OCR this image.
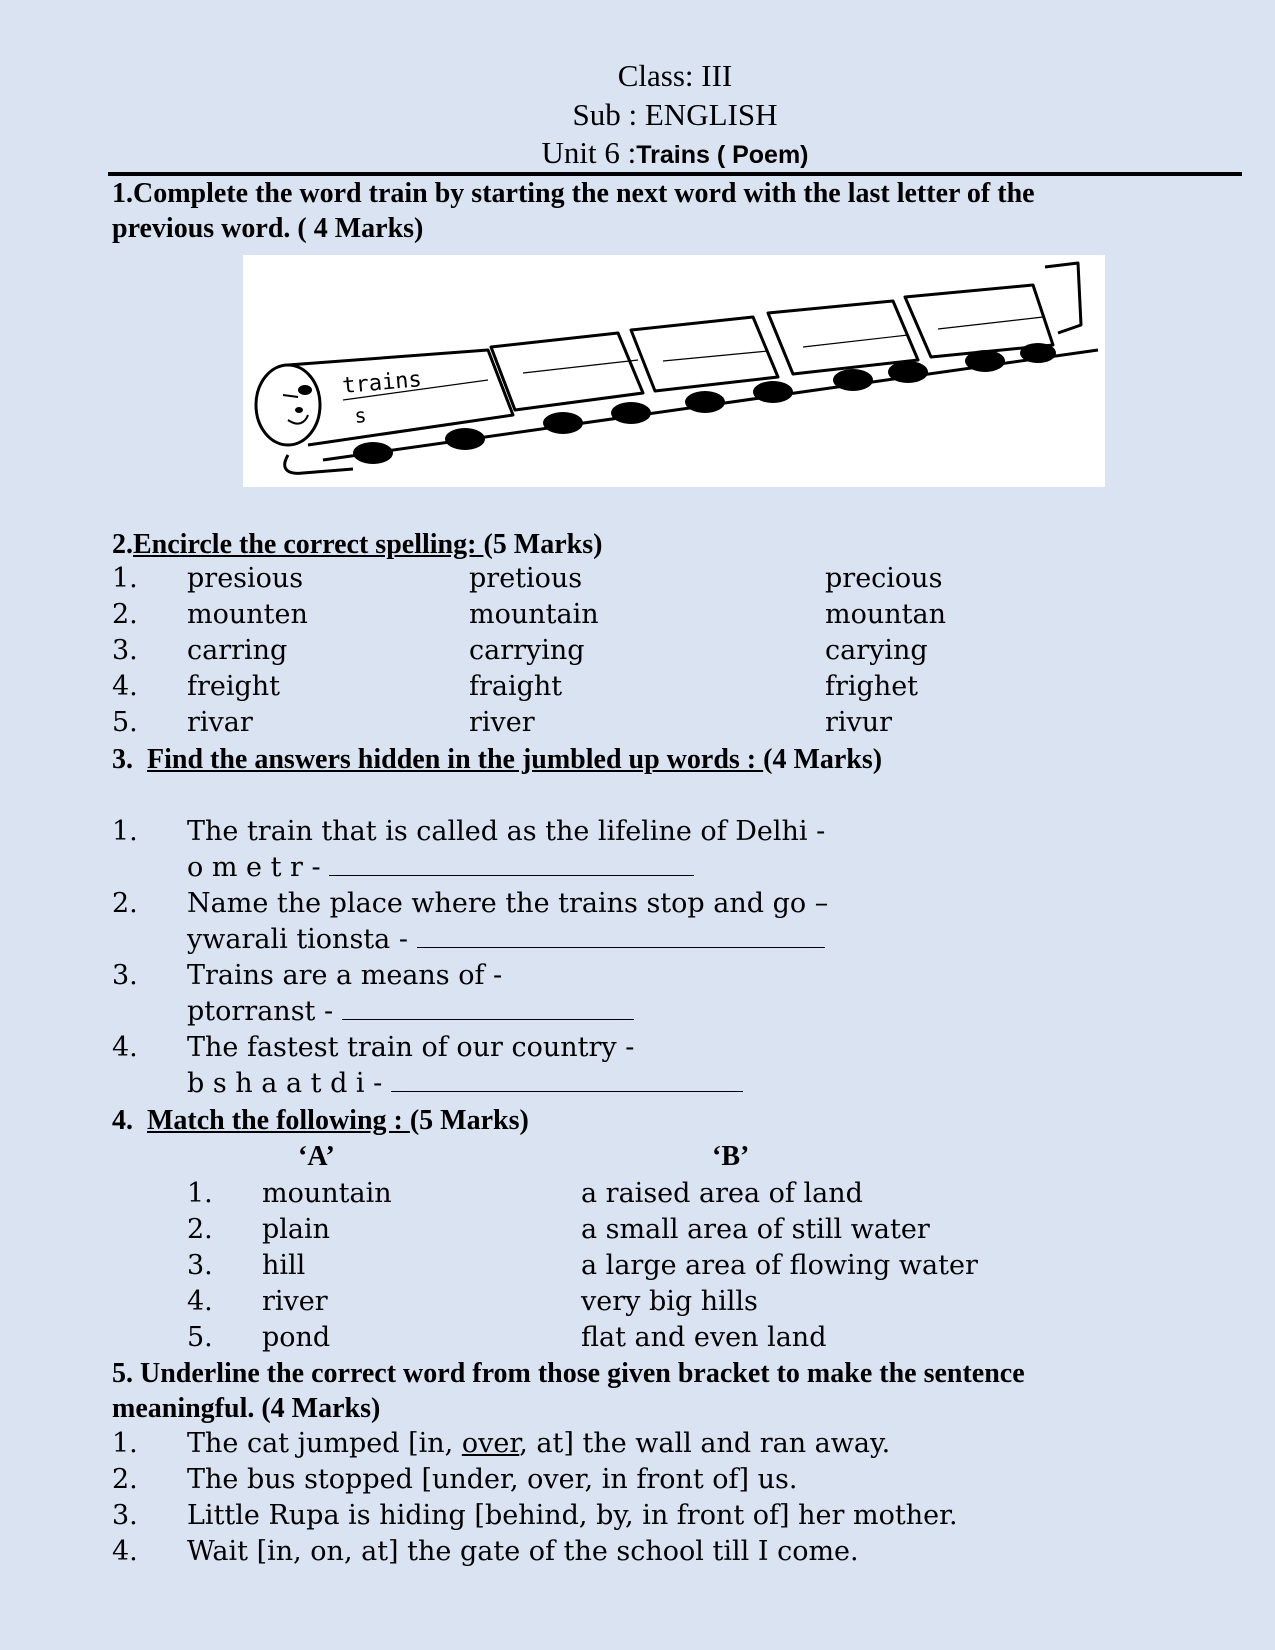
Class: III
Sub : ENGLISH
Unit 6 :Trains ( Poem)
1.Complete the word train by starting the next word with the last letter of the
previous word. ( 4 Marks)
trains
s
2.Encircle the correct spelling: (5 Marks)
1. presious	pretious	precious
2. mounten	mountain	mountan
3. carring	carrying	carying
4. freight	fraight	frighet
5. rivar	river	rivur
3. Find the answers hidden in the jumbled up words : (4 Marks)
1. The train that is called as the lifeline of Delhi -
o m e t r -
2. Name the place where the trains stop and go –
ywarali tionsta -
3. Trains are a means of -
ptorranst -
4. The fastest train of our country -
b s h a a t d i -
4. Match the following : (5 Marks)
‘A’	‘B’
1. mountain	a raised area of land
2. plain	a small area of still water
3. hill	a large area of flowing water
4. river	very big hills
5. pond	flat and even land
5. Underline the correct word from those given bracket to make the sentence
meaningful. (4 Marks)
1. The cat jumped [in, over, at] the wall and ran away.
2. The bus stopped [under, over, in front of] us.
3. Little Rupa is hiding [behind, by, in front of] her mother.
4. Wait [in, on, at] the gate of the school till I come.
